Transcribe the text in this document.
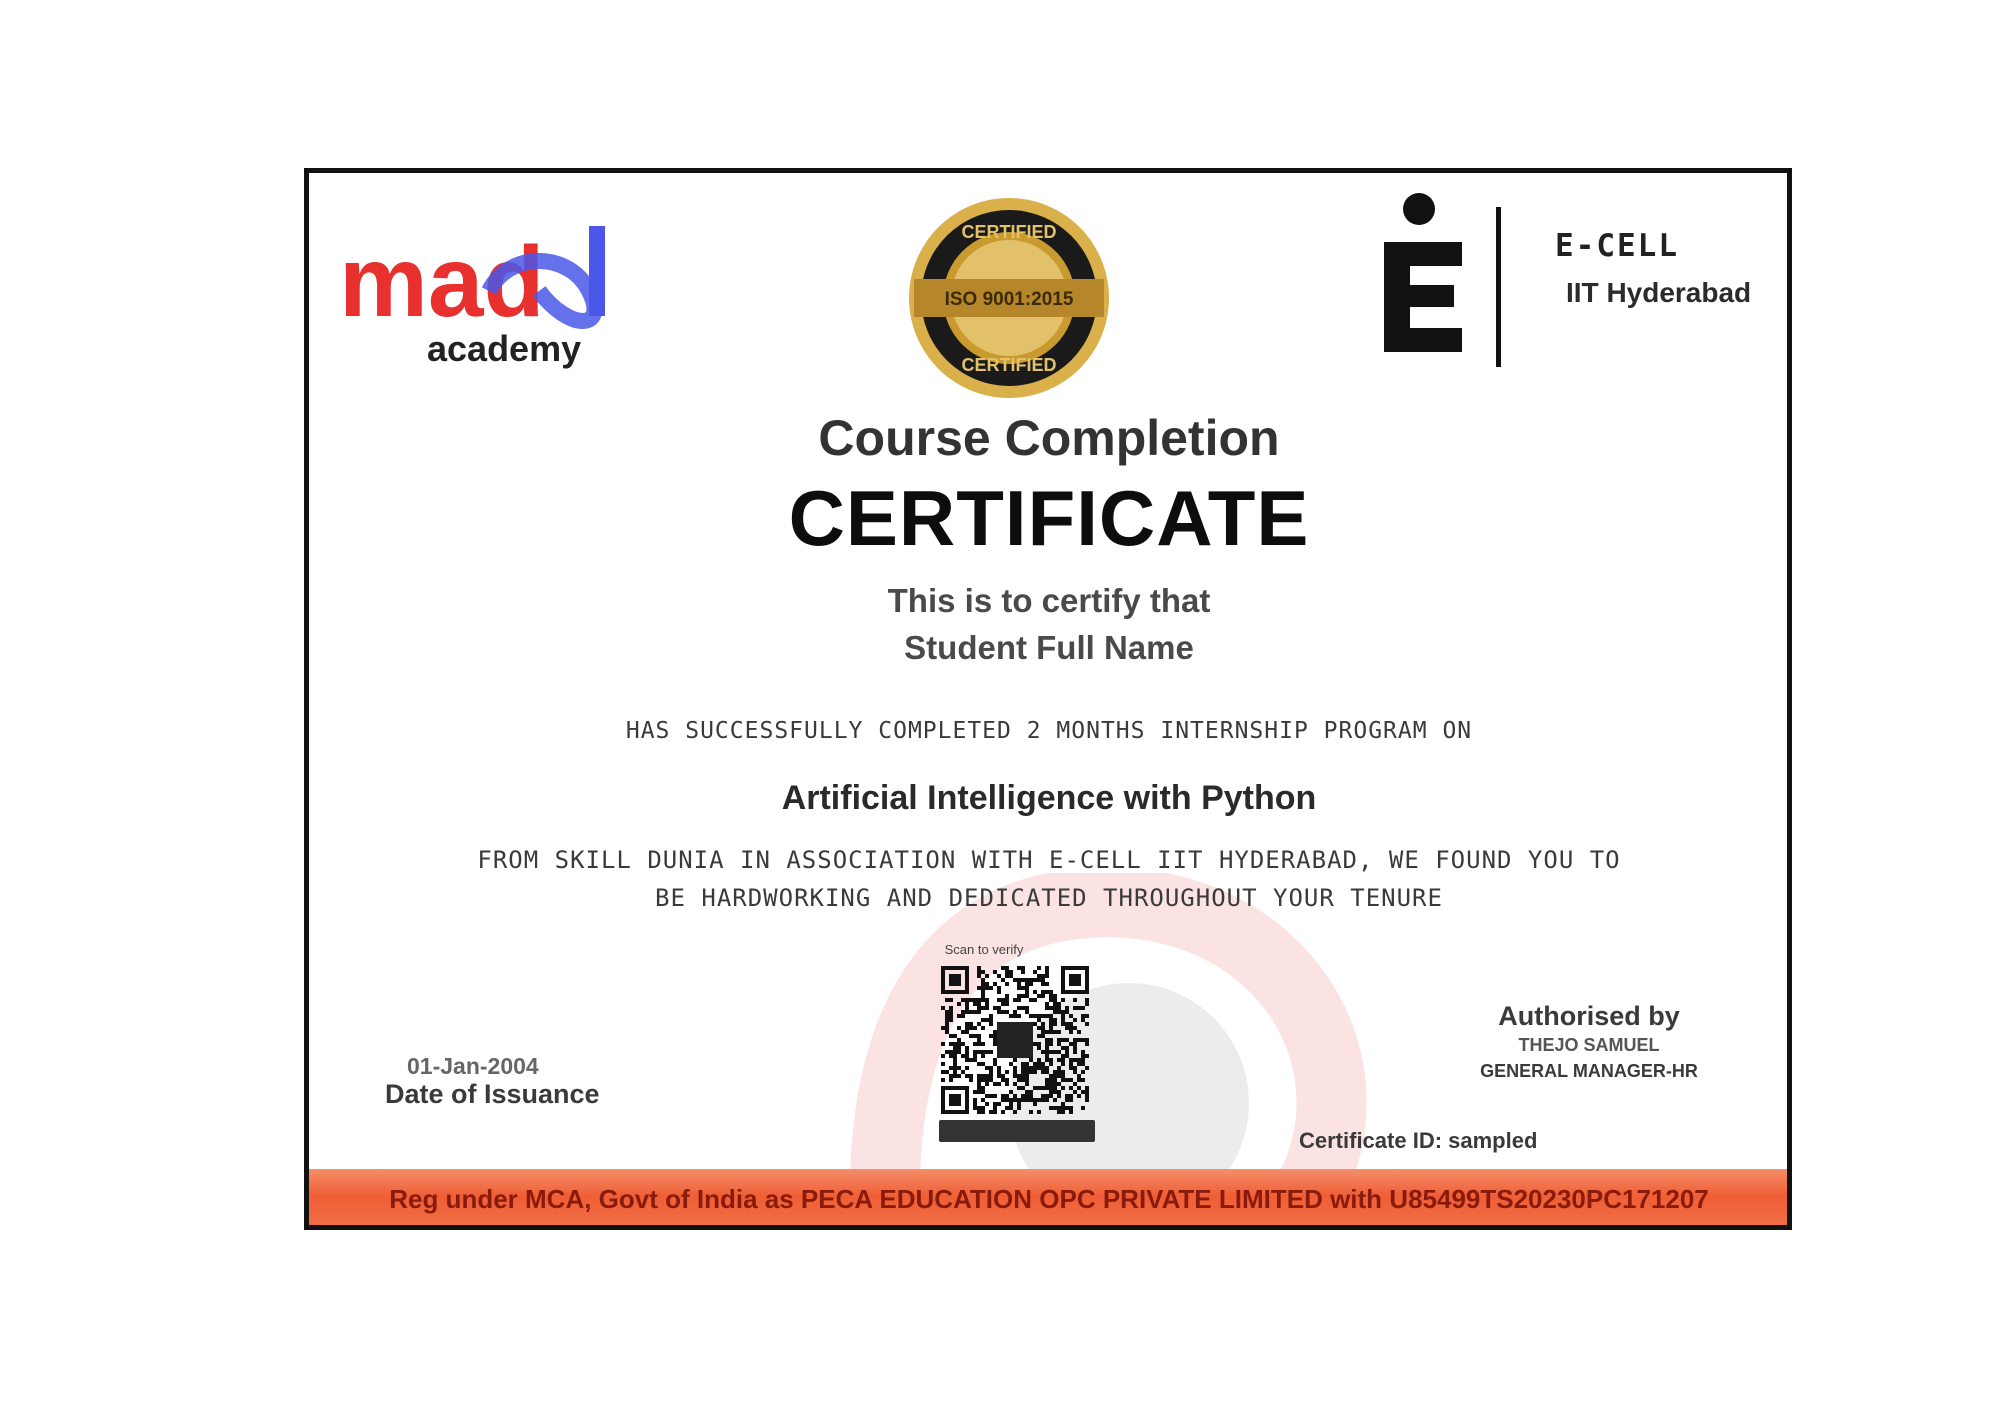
mad
academy
CERTIFIED
ISO 9001:2015
CERTIFIED
E-CELL
IIT Hyderabad
Course Completion
CERTIFICATE
This is to certify that
Student Full Name
HAS SUCCESSFULLY COMPLETED 2 MONTHS INTERNSHIP PROGRAM ON
Artificial Intelligence with Python
FROM SKILL DUNIA IN ASSOCIATION WITH E-CELL IIT HYDERABAD, WE FOUND YOU TO
BE HARDWORKING AND DEDICATED THROUGHOUT YOUR TENURE
Scan to verify
01-Jan-2004
Date of Issuance
Authorised by
THEJO SAMUEL
GENERAL MANAGER-HR
Certificate ID: sampled
Reg under MCA, Govt of India as PECA EDUCATION OPC PRIVATE LIMITED with U85499TS20230PC171207
